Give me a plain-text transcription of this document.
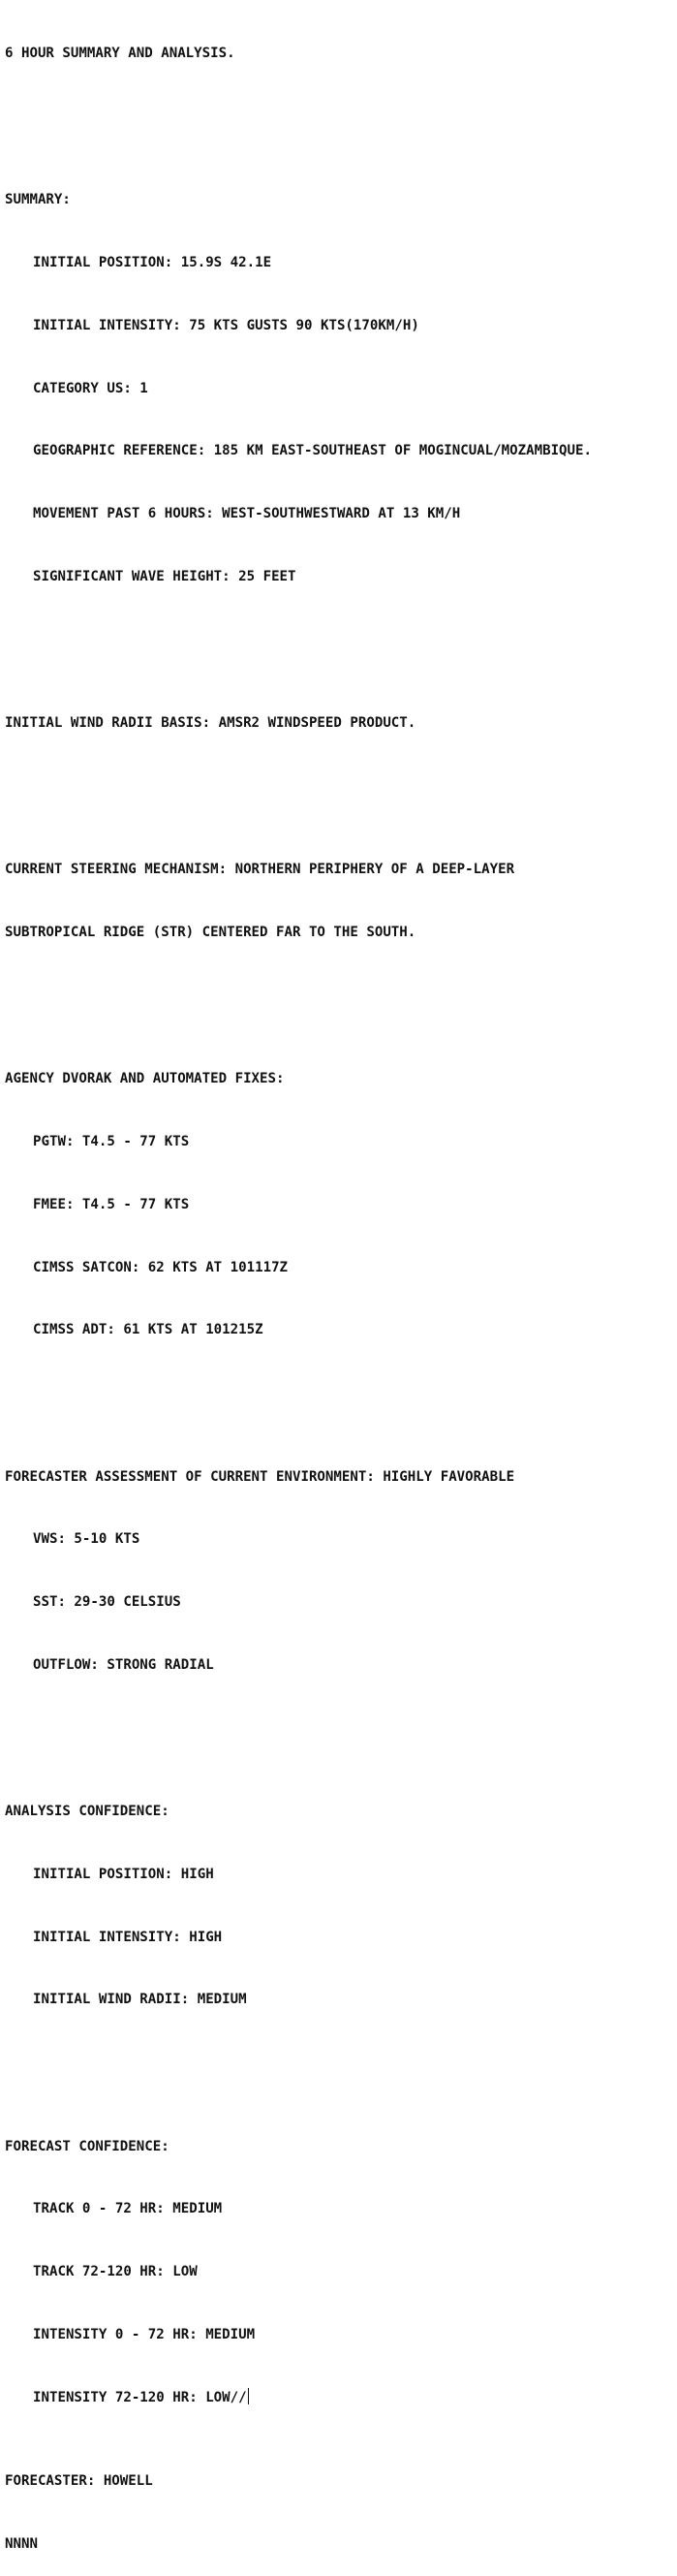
6 HOUR SUMMARY AND ANALYSIS.

SUMMARY:

INITIAL POSITION: 15.9S 42.1E

INITIAL INTENSITY: 75 KTS GUSTS 90 KTS(170KM/H)

CATEGORY US: 1

GEOGRAPHIC REFERENCE: 185 KM EAST-SOUTHEAST OF MOGINCUAL/MOZAMBIQUE.

MOVEMENT PAST 6 HOURS: WEST-SOUTHWESTWARD AT 13 KM/H

SIGNIFICANT WAVE HEIGHT: 25 FEET

INITIAL WIND RADII BASIS: AMSR2 WINDSPEED PRODUCT.

CURRENT STEERING MECHANISM: NORTHERN PERIPHERY OF A DEEP-LAYER

SUBTROPICAL RIDGE (STR) CENTERED FAR TO THE SOUTH.

AGENCY DVORAK AND AUTOMATED FIXES:

PGTW: T4.5 - 77 KTS

FMEE: T4.5 - 77 KTS

CIMSS SATCON: 62 KTS AT 101117Z

CIMSS ADT: 61 KTS AT 101215Z

FORECASTER ASSESSMENT OF CURRENT ENVIRONMENT: HIGHLY FAVORABLE

VWS: 5-10 KTS

SST: 29-30 CELSIUS

OUTFLOW: STRONG RADIAL

ANALYSIS CONFIDENCE:

INITIAL POSITION: HIGH

INITIAL INTENSITY: HIGH

INITIAL WIND RADII: MEDIUM

FORECAST CONFIDENCE:

TRACK 0 - 72 HR: MEDIUM

TRACK 72-120 HR: LOW

INTENSITY 0 - 72 HR: MEDIUM

INTENSITY 72-120 HR: LOW//

FORECASTER: HOWELL

NNNN
